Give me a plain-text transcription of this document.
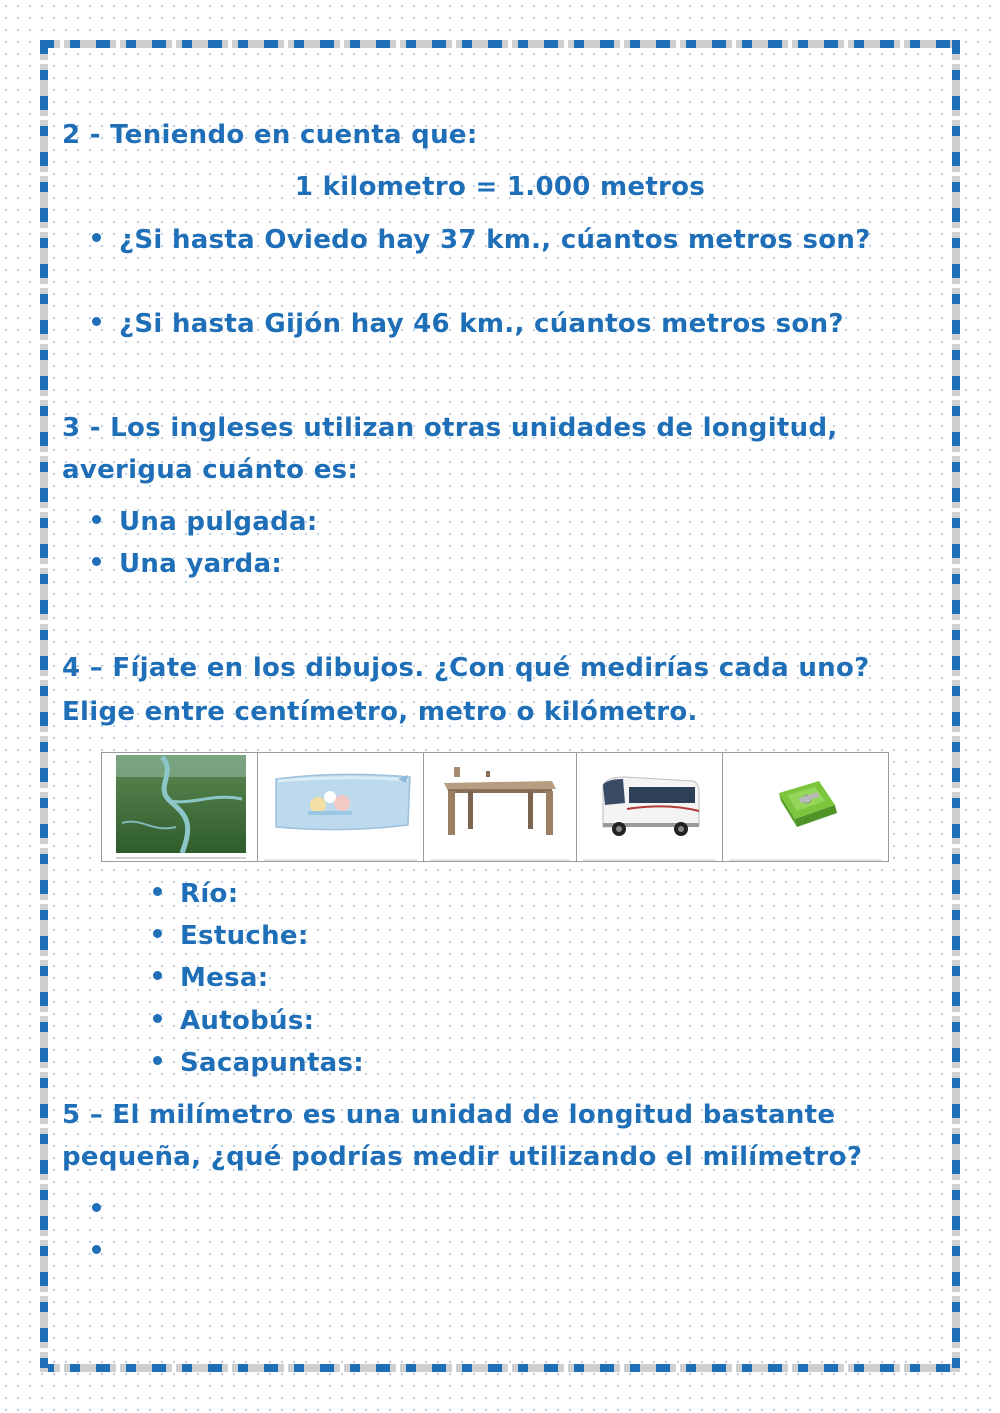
2 - Teniendo en cuenta que:
1 kilometro = 1.000 metros
¿Si hasta Oviedo hay 37 km., cúantos metros son?
¿Si hasta Gijón hay 46 km., cúantos metros son?
3 - Los ingleses utilizan otras unidades de longitud,
averigua cuánto es:
Una pulgada:
Una yarda:
4 – Fíjate en los dibujos. ¿Con qué medirías cada uno?
Elige entre centímetro, metro o kilómetro.
Río:
Estuche:
Mesa:
Autobús:
Sacapuntas:
5 – El milímetro es una unidad de longitud bastante
pequeña, ¿qué podrías medir utilizando el milímetro?
